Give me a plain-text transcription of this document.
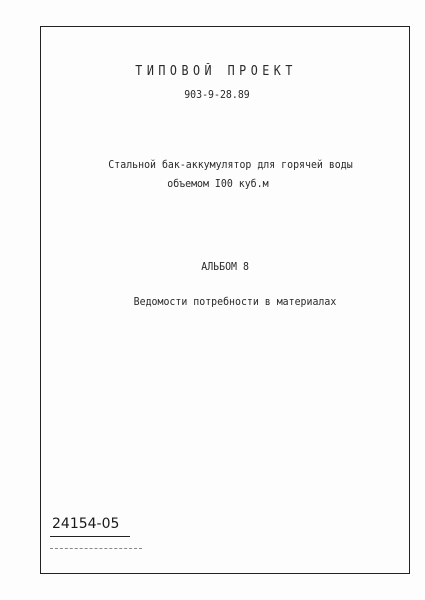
ТИПОВОЙ ПРОЕКТ
903-9-28.89
Стальной бак-аккумулятор для горячей воды
объемом I00 куб.м
АЛЬБОМ 8
Ведомости потребности в материалах
24154-05
